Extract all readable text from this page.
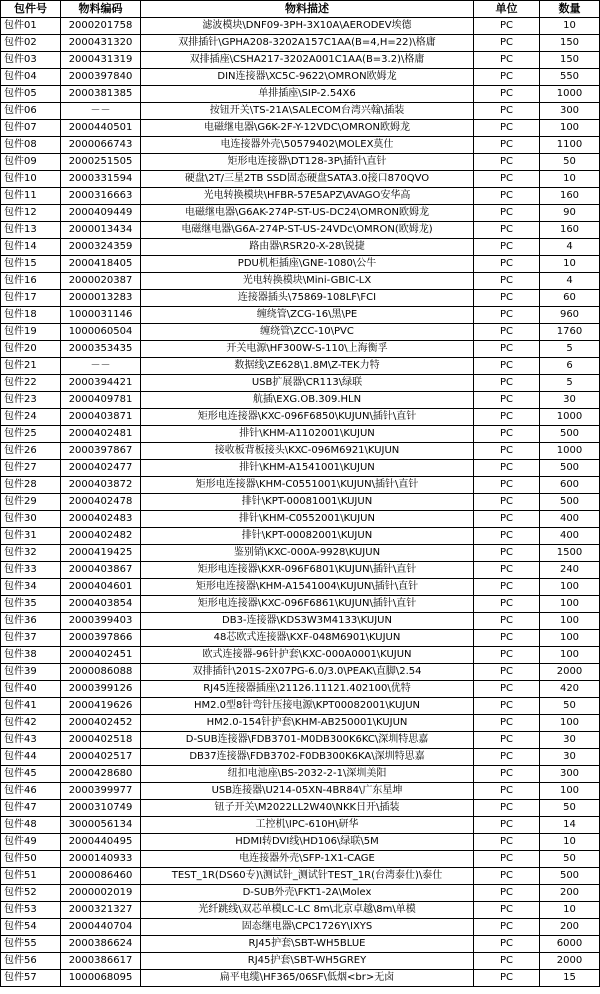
包件号	物料编码	物料描述	单位	数量
包件01	2000201758	滤波模块\DNF09-3PH-3X10A\AERODEV埃德	PC	10
包件02	2000431320	双排插针\GPHA208-3202A157C1AA(B=4,H=22)\格庸	PC	150
包件03	2000431319	双排插座\CSHA217-3202A001C1AA(B=3.2)\格庸	PC	150
包件04	2000397840	DIN连接器\XC5C-9622\OMRON欧姆龙	PC	550
包件05	2000381385	单排插座\SIP-2.54X6	PC	1000
包件06	－－	按钮开关\TS-21A\SALECOM台湾兴翰\插装	PC	300
包件07	2000440501	电磁继电器\G6K-2F-Y-12VDC\OMRON欧姆龙	PC	100
包件08	2000066743	电连接器外壳\50579402\MOLEX莫仕	PC	1100
包件09	2000251505	矩形电连接器\DT128-3P\插针\直针	PC	50
包件10	2000331594	硬盘\2T/三星2TB SSD固态硬盘SATA3.0接口870QVO	PC	10
包件11	2000316663	光电转换模块\HFBR-57E5APZ\AVAGO安华高	PC	160
包件12	2000409449	电磁继电器\G6AK-274P-ST-US-DC24\OMRON欧姆龙	PC	90
包件13	2000013434	电磁继电器\G6A-274P-ST-US-24VDc\OMRON(欧姆龙)	PC	160
包件14	2000324359	路由器\RSR20-X-28\锐捷	PC	4
包件15	2000418405	PDU机柜插座\GNE-1080\公牛	PC	10
包件16	2000020387	光电转换模块\Mini-GBIC-LX	PC	4
包件17	2000013283	连接器插头\75869-108LF\FCI	PC	60
包件18	1000031146	缠绕管\ZCG-16\黑\PE	PC	960
包件19	1000060504	缠绕管\ZCC-10\PVC	PC	1760
包件20	2000353435	开关电源\HF300W-S-110\上海衡孚	PC	5
包件21	－－	数据线\ZE628\1.8M\Z-TEK力特	PC	6
包件22	2000394421	USB扩展器\CR113\绿联	PC	5
包件23	2000409781	航插\EXG.OB.309.HLN	PC	30
包件24	2000403871	矩形电连接器\KXC-096F6850\KUJUN\插针\直针	PC	1000
包件25	2000402481	排针\KHM-A1102001\KUJUN	PC	500
包件26	2000397867	接收板背板接头\KXC-096M6921\KUJUN	PC	1000
包件27	2000402477	排针\KHM-A1541001\KUJUN	PC	500
包件28	2000403872	矩形电连接器\KHM-C0551001\KUJUN\插针\直针	PC	600
包件29	2000402478	排针\KPT-00081001\KUJUN	PC	500
包件30	2000402483	排针\KHM-C0552001\KUJUN	PC	400
包件31	2000402482	排针\KPT-00082001\KUJUN	PC	400
包件32	2000419425	鉴别销\KXC-000A-9928\KUJUN	PC	1500
包件33	2000403867	矩形电连接器\KXR-096F6801\KUJUN\插针\直针	PC	240
包件34	2000404601	矩形电连接器\KHM-A1541004\KUJUN\插针\直针	PC	100
包件35	2000403854	矩形电连接器\KXC-096F6861\KUJUN\插针\直针	PC	100
包件36	2000399403	DB3-连接器\KDS3W3M4133\KUJUN	PC	100
包件37	2000397866	48芯欧式连接器\KXF-048M6901\KUJUN	PC	100
包件38	2000402451	欧式连接器-96针护套\KXC-000A0001\KUJUN	PC	100
包件39	2000086088	双排插针\201S-2X07PG-6.0/3.0\PEAK\直脚\2.54	PC	2000
包件40	2000399126	RJ45连接器插座\21126.11121.402100\优特	PC	420
包件41	2000419626	HM2.0型8针弯针压接电源\KPT00082001\KUJUN	PC	50
包件42	2000402452	HM2.0-154针护套\KHM-AB250001\KUJUN	PC	100
包件43	2000402518	D-SUB连接器\FDB3701-M0DB300K6KC\深圳特思嘉	PC	30
包件44	2000402517	DB37连接器\FDB3702-F0DB300K6KA\深圳特思嘉	PC	30
包件45	2000428680	纽扣电池座\BS-2032-2-1\深圳美阳	PC	300
包件46	2000399977	USB连接器\U214-05XN-4BR84\广东星坤	PC	100
包件47	2000310749	钮子开关\M2022LL2W40\NKK日开\插装	PC	50
包件48	3000056134	工控机\IPC-610H\研华	PC	14
包件49	2000440495	HDMI转DVI线\HD106\绿联\5M	PC	10
包件50	2000140933	电连接器外壳\SFP-1X1-CAGE	PC	50
包件51	2000086460	TEST_1R(DS60专)\测试针_测试针TEST_1R(台湾泰仕)\泰仕	PC	500
包件52	2000002019	D-SUB外壳\FKT1-2A\Molex	PC	200
包件53	2000321327	光纤跳线\双芯单模LC-LC 8m\北京卓越\8m\单模	PC	10
包件54	2000440704	固态继电器\CPC1726Y\IXYS	PC	200
包件55	2000386624	RJ45护套\SBT-WH5BLUE	PC	6000
包件56	2000386617	RJ45护套\SBT-WH5GREY	PC	2000
包件57	1000068095	扁平电缆\HF365/06SF\低烟<br>无卤	PC	15
